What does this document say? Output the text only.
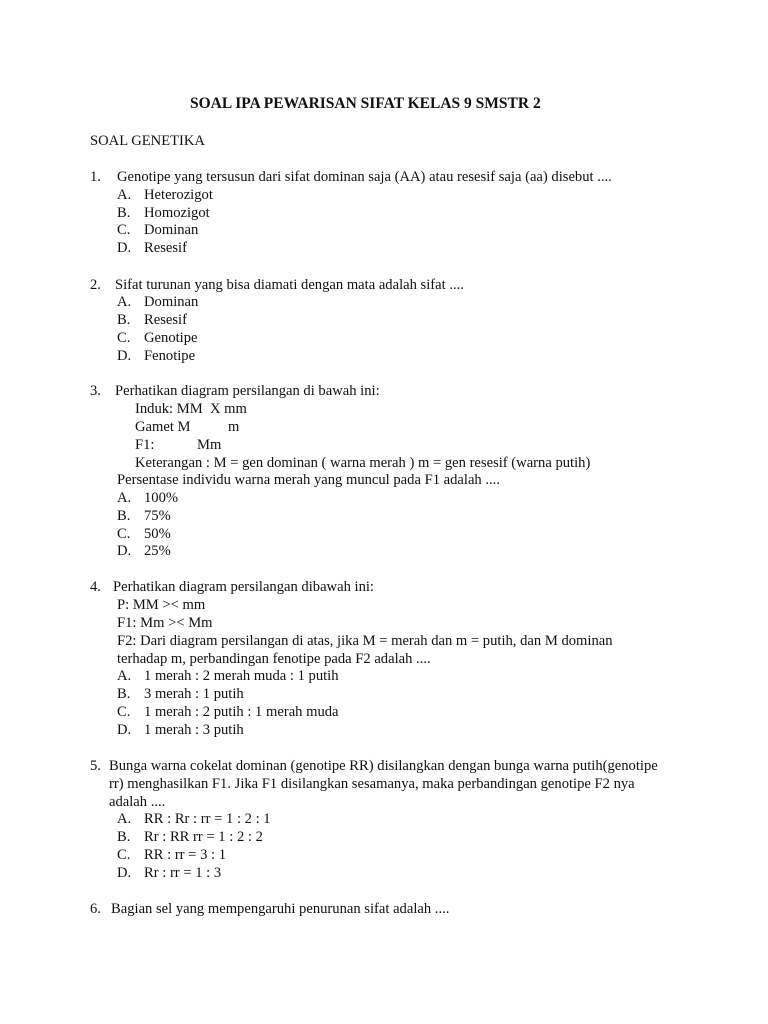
SOAL IPA PEWARISAN SIFAT KELAS 9 SMSTR 2
SOAL GENETIKA
1. Genotipe yang tersusun dari sifat dominan saja (AA) atau resesif saja (aa) disebut ....
A. Heterozigot
B. Homozigot
C. Dominan
D. Resesif
2. Sifat turunan yang bisa diamati dengan mata adalah sifat ....
A. Dominan
B. Resesif
C. Genotipe
D. Fenotipe
3. Perhatikan diagram persilangan di bawah ini:
Induk: MM  X mm
Gamet M	m
F1:	Mm
Keterangan : M = gen dominan ( warna merah ) m = gen resesif (warna putih)
Persentase individu warna merah yang muncul pada F1 adalah ....
A. 100%
B. 75%
C. 50%
D. 25%
4. Perhatikan diagram persilangan dibawah ini:
P: MM >< mm
F1: Mm >< Mm
F2: Dari diagram persilangan di atas, jika M = merah dan m = putih, dan M dominan
terhadap m, perbandingan fenotipe pada F2 adalah ....
A. 1 merah : 2 merah muda : 1 putih
B. 3 merah : 1 putih
C. 1 merah : 2 putih : 1 merah muda
D. 1 merah : 3 putih
5. Bunga warna cokelat dominan (genotipe RR) disilangkan dengan bunga warna putih(genotipe
rr) menghasilkan F1. Jika F1 disilangkan sesamanya, maka perbandingan genotipe F2 nya
adalah ....
A. RR : Rr : rr = 1 : 2 : 1
B. Rr : RR rr = 1 : 2 : 2
C. RR : rr = 3 : 1
D. Rr : rr = 1 : 3
6. Bagian sel yang mempengaruhi penurunan sifat adalah ....
